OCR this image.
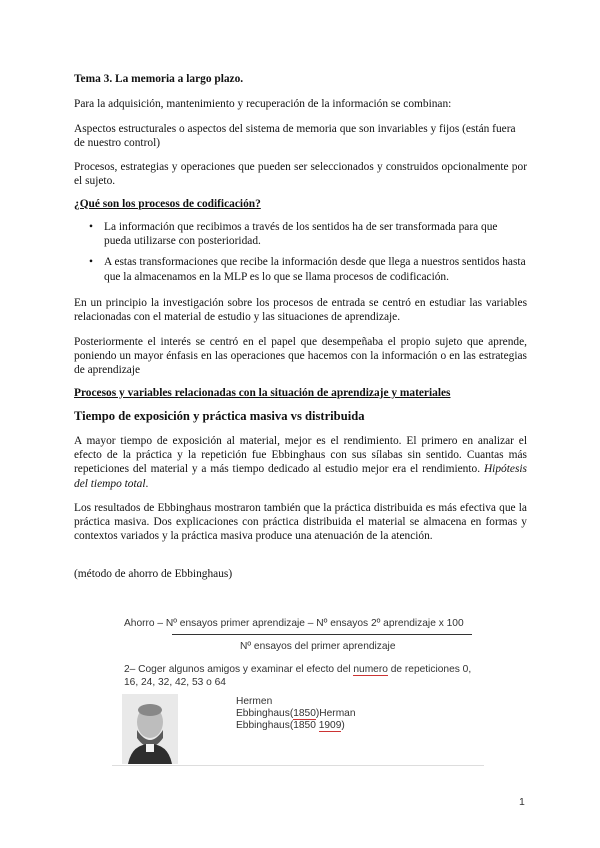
Tema 3. La memoria a largo plazo.

Para la adquisición, mantenimiento y recuperación de la información se combinan:

Aspectos estructurales o aspectos del sistema de memoria que son invariables y fijos (están fuera de nuestro control)

Procesos, estrategias y operaciones que pueden ser seleccionados y construidos opcionalmente por el sujeto.

¿Qué son los procesos de codificación?

• La información que recibimos a través de los sentidos ha de ser transformada para que pueda utilizarse con posterioridad.
• A estas transformaciones que recibe la información desde que llega a nuestros sentidos hasta que la almacenamos en la MLP es lo que se llama procesos de codificación.

En un principio la investigación sobre los procesos de entrada se centró en estudiar las variables relacionadas con el material de estudio y las situaciones de aprendizaje.

Posteriormente el interés se centró en el papel que desempeñaba el propio sujeto que aprende, poniendo un mayor énfasis en las operaciones que hacemos con la información o en las estrategias de aprendizaje

Procesos y variables relacionadas con la situación de aprendizaje y materiales

Tiempo de exposición y práctica masiva vs distribuida

A mayor tiempo de exposición al material, mejor es el rendimiento. El primero en analizar el efecto de la práctica y la repetición fue Ebbinghaus con sus sílabas sin sentido. Cuantas más repeticiones del material y a más tiempo dedicado al estudio mejor era el rendimiento. Hipótesis del tiempo total.

Los resultados de Ebbinghaus mostraron también que la práctica distribuida es más efectiva que la práctica masiva. Dos explicaciones con práctica distribuida el material se almacena en formas y contextos variados y la práctica masiva produce una atenuación de la atención.

(método de ahorro de Ebbinghaus)

Ahorro – Nº ensayos primer aprendizaje – Nº ensayos 2º aprendizaje x 100
Nº ensayos del primer aprendizaje
2– Coger algunos amigos y examinar el efecto del numero de repeticiones 0,
16, 24, 32, 42, 53 o 64
Hermen
Ebbinghaus(1850)Herman
Ebbinghaus(1850 1909)
1
